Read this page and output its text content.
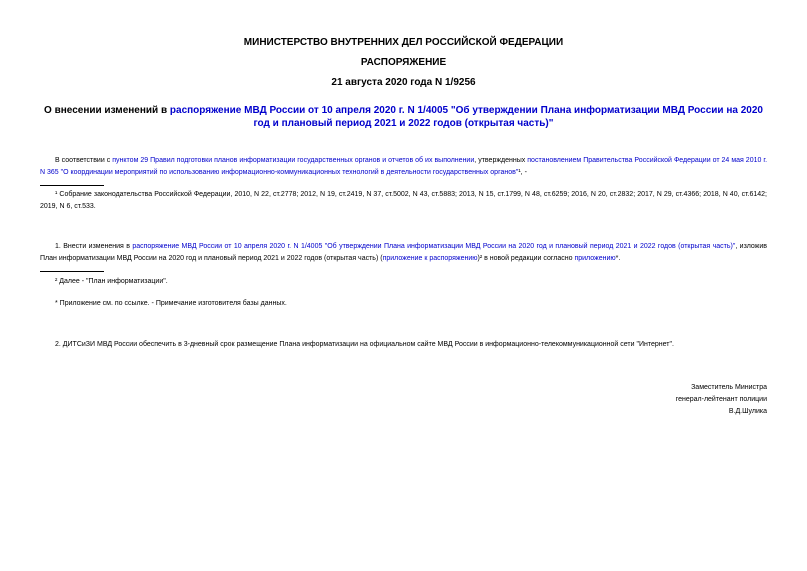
МИНИСТЕРСТВО ВНУТРЕННИХ ДЕЛ РОССИЙСКОЙ ФЕДЕРАЦИИ
РАСПОРЯЖЕНИЕ
21 августа 2020 года N 1/9256
О внесении изменений в распоряжение МВД России от 10 апреля 2020 г. N 1/4005 "Об утверждении Плана информатизации МВД России на 2020 год и плановый период 2021 и 2022 годов (открытая часть)"
В соответствии с пунктом 29 Правил подготовки планов информатизации государственных органов и отчетов об их выполнении, утвержденных постановлением Правительства Российской Федерации от 24 мая 2010 г. N 365 "О координации мероприятий по использованию информационно-коммуникационных технологий в деятельности государственных органов"¹, -
¹ Собрание законодательства Российской Федерации, 2010, N 22, ст.2778; 2012, N 19, ст.2419, N 37, ст.5002, N 43, ст.5883; 2013, N 15, ст.1799, N 48, ст.6259; 2016, N 20, ст.2832; 2017, N 29, ст.4366; 2018, N 40, ст.6142; 2019, N 6, ст.533.
1. Внести изменения в распоряжение МВД России от 10 апреля 2020 г. N 1/4005 "Об утверждении Плана информатизации МВД России на 2020 год и плановый период 2021 и 2022 годов (открытая часть)", изложив План информатизации МВД России на 2020 год и плановый период 2021 и 2022 годов (открытая часть) (приложение к распоряжению)² в новой редакции согласно приложению*.
² Далее - "План информатизации".
* Приложение см. по ссылке. - Примечание изготовителя базы данных.
2. ДИТСиЗИ МВД России обеспечить в 3-дневный срок размещение Плана информатизации на официальном сайте МВД России в информационно-телекоммуникационной сети "Интернет".
Заместитель Министра
генерал-лейтенант полиции
В.Д.Шулика
